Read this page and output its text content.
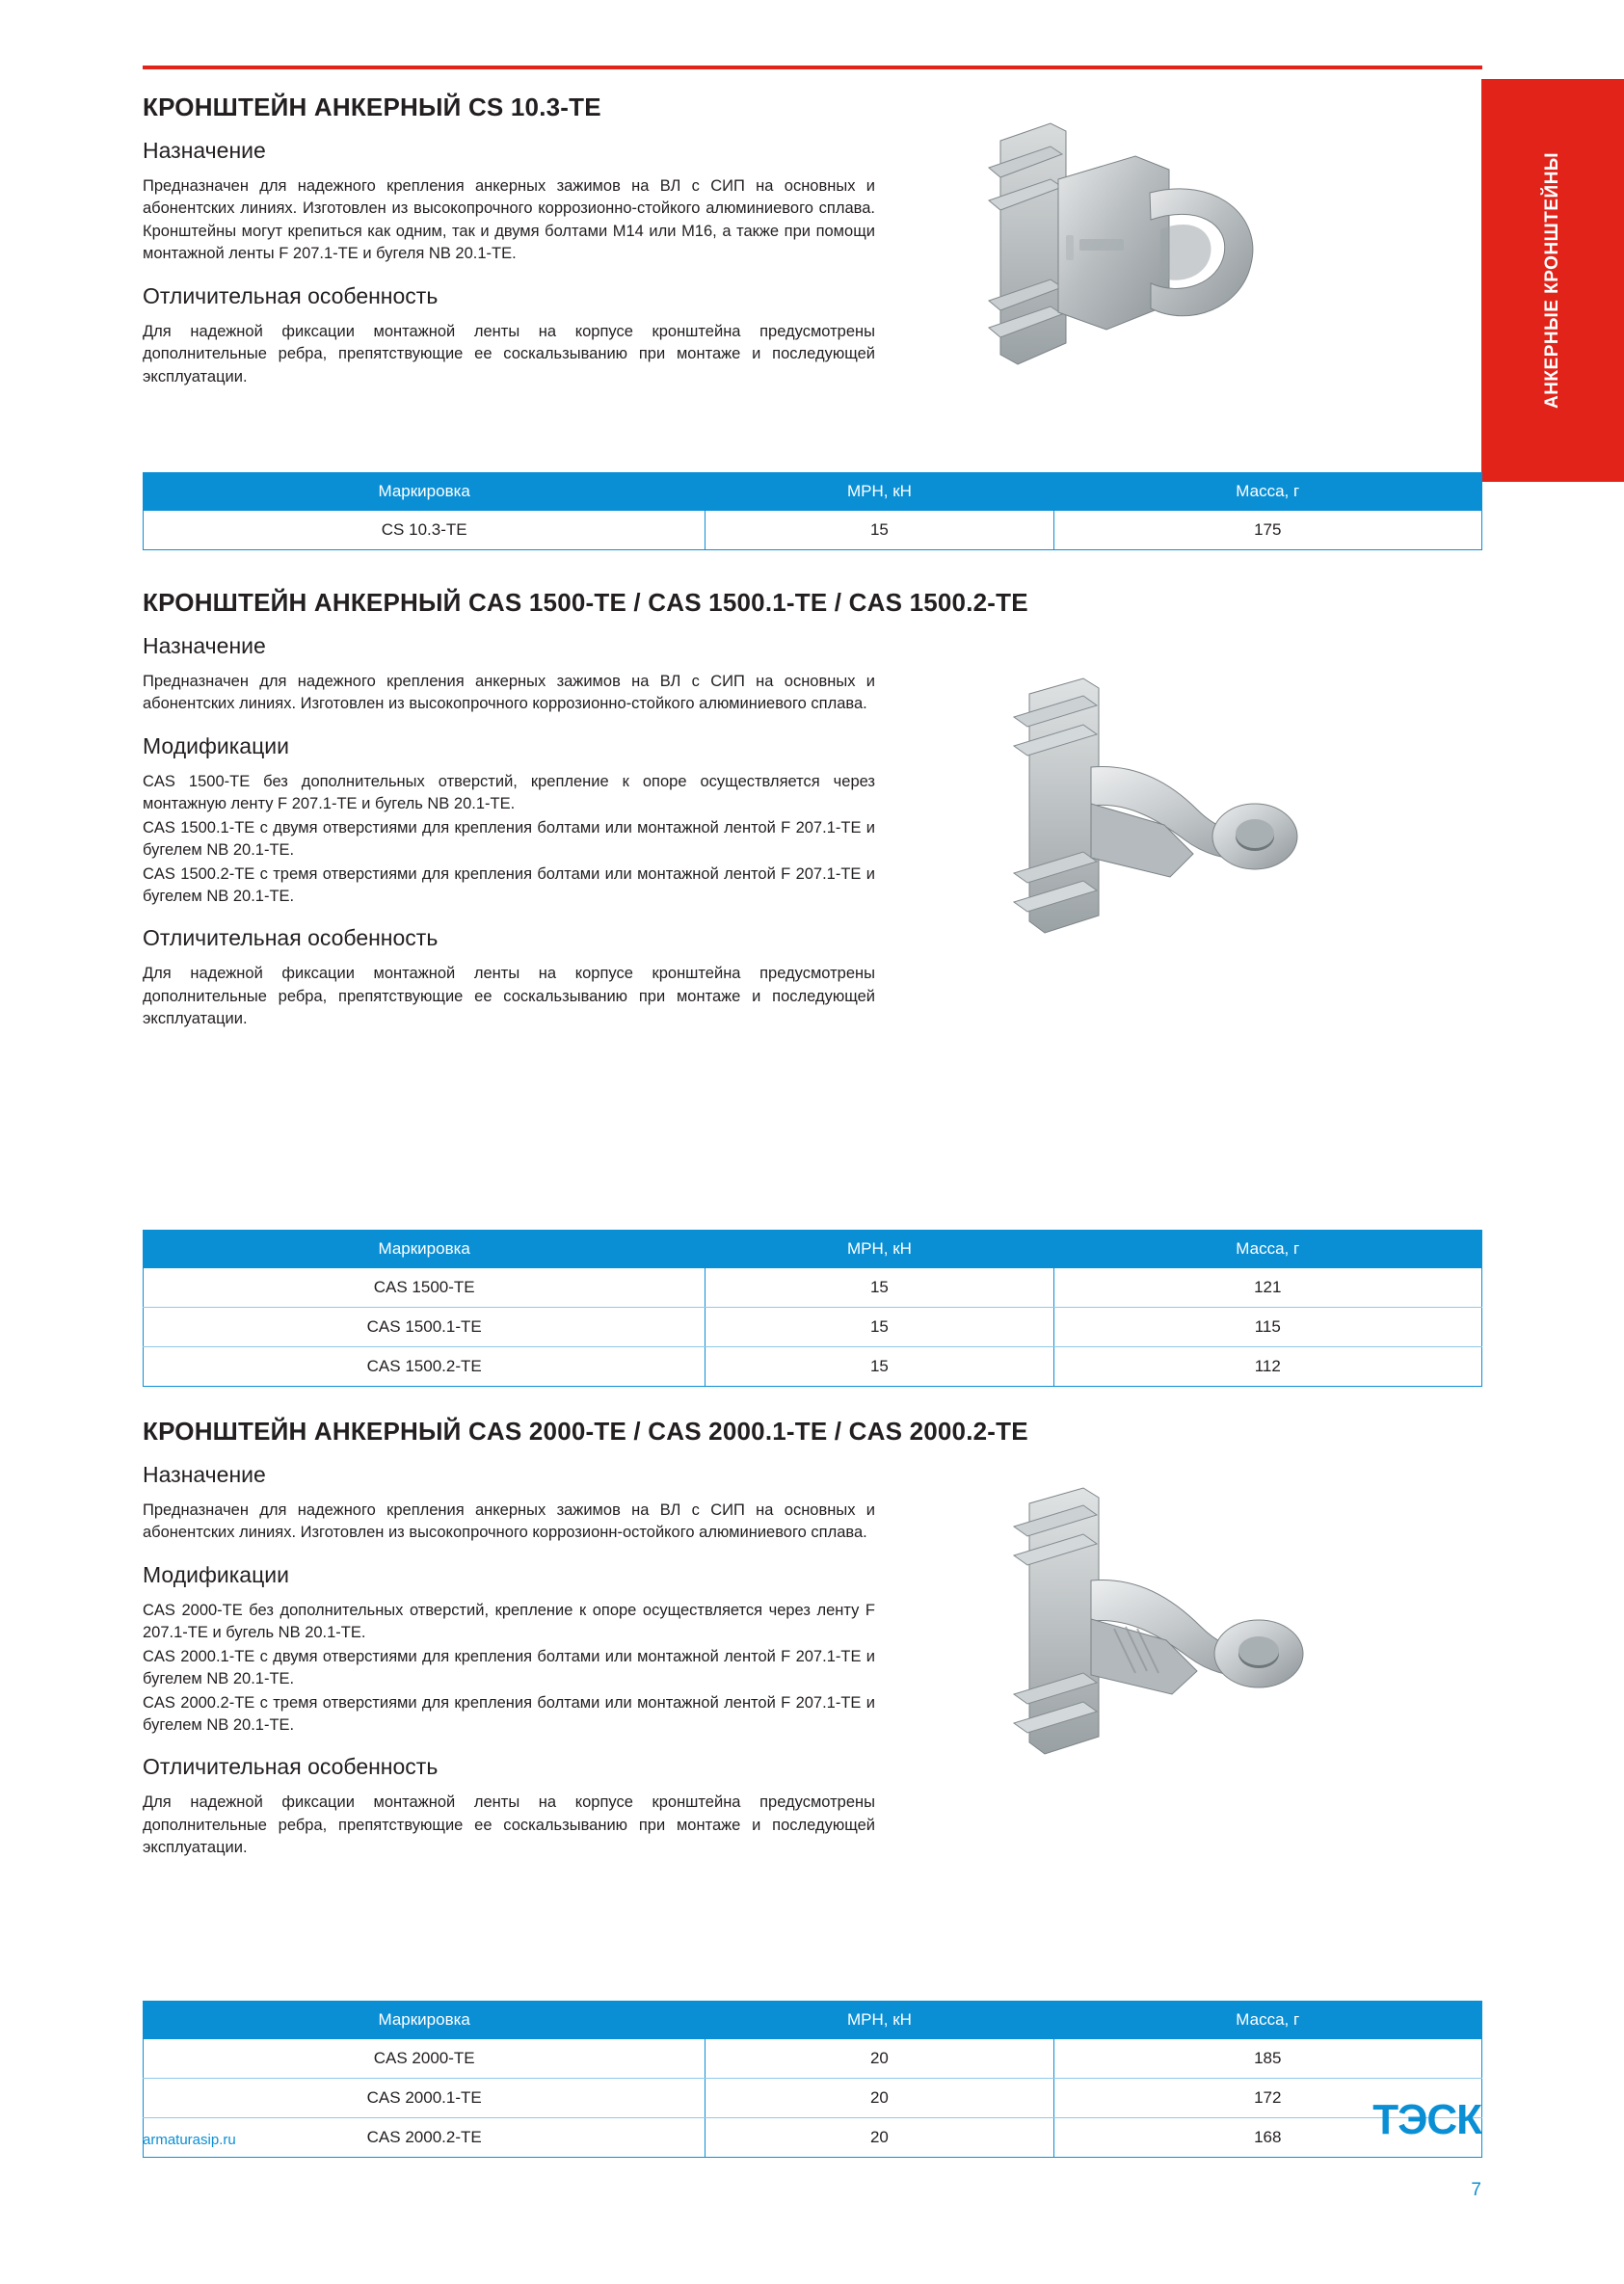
АНКЕРНЫЕ КРОНШТЕЙНЫ
КРОНШТЕЙН АНКЕРНЫЙ CS 10.3-TE
Назначение

Предназначен для надежного крепления анкерных зажимов на ВЛ с СИП на основных и абонентских линиях. Изготовлен из высокопрочного коррозионно-стойкого алюминиевого сплава. Кронштейны могут крепиться как одним, так и двумя болтами М14 или М16, а также при помощи монтажной ленты F 207.1-TE и бугеля NB 20.1-TE.

Отличительная особенность

Для надежной фиксации монтажной ленты на корпусе кронштейна предусмотрены дополнительные ребра, препятствующие ее соскальзыванию при монтаже и последующей эксплуатации.

Маркировка	МРН, кН	Масса, г
CS 10.3-TE	15	175
КРОНШТЕЙН АНКЕРНЫЙ CAS 1500-TE / CAS 1500.1-TE / CAS 1500.2-TE
Назначение

Предназначен для надежного крепления анкерных зажимов на ВЛ с СИП на основных и абонентских линиях. Изготовлен из высокопрочного коррозионно-стойкого алюминиевого сплава.

Модификации

CAS 1500-TE без дополнительных отверстий, крепление к опоре осуществляется через монтажную ленту F 207.1-TE и бугель NB 20.1-TE.

CAS 1500.1-TE с двумя отверстиями для крепления болтами или монтажной лентой F 207.1-TE и бугелем NB 20.1-TE.

CAS 1500.2-TE с тремя отверстиями для крепления болтами или монтажной лентой F 207.1-TE и бугелем NB 20.1-TE.

Отличительная особенность

Для надежной фиксации монтажной ленты на корпусе кронштейна предусмотрены дополнительные ребра, препятствующие ее соскальзыванию при монтаже и последующей эксплуатации.

Маркировка	МРН, кН	Масса, г
CAS 1500-TE	15	121
CAS 1500.1-TE	15	115
CAS 1500.2-TE	15	112
КРОНШТЕЙН АНКЕРНЫЙ CAS 2000-TE / CAS 2000.1-TE / CAS 2000.2-TE
Назначение

Предназначен для надежного крепления анкерных зажимов на ВЛ с СИП на основных и абонентских линиях. Изготовлен из высокопрочного коррозионн-остойкого алюминиевого сплава.

Модификации

CAS 2000-TE без дополнительных отверстий, крепление к опоре осуществляется через ленту F 207.1-TE и бугель NB 20.1-TE.

CAS 2000.1-TE с двумя отверстиями для крепления болтами или монтажной лентой F 207.1-TE и бугелем NB 20.1-TE.

CAS 2000.2-TE с тремя отверстиями для крепления болтами или монтажной лентой F 207.1-TE и бугелем NB 20.1-TE.

Отличительная особенность

Для надежной фиксации монтажной ленты на корпусе кронштейна предусмотрены дополнительные ребра, препятствующие ее соскальзыванию при монтаже и последующей эксплуатации.

Маркировка	МРН, кН	Масса, г
CAS 2000-TE	20	185
CAS 2000.1-TE	20	172
CAS 2000.2-TE	20	168
armaturasip.ru	ТЭСК
7
